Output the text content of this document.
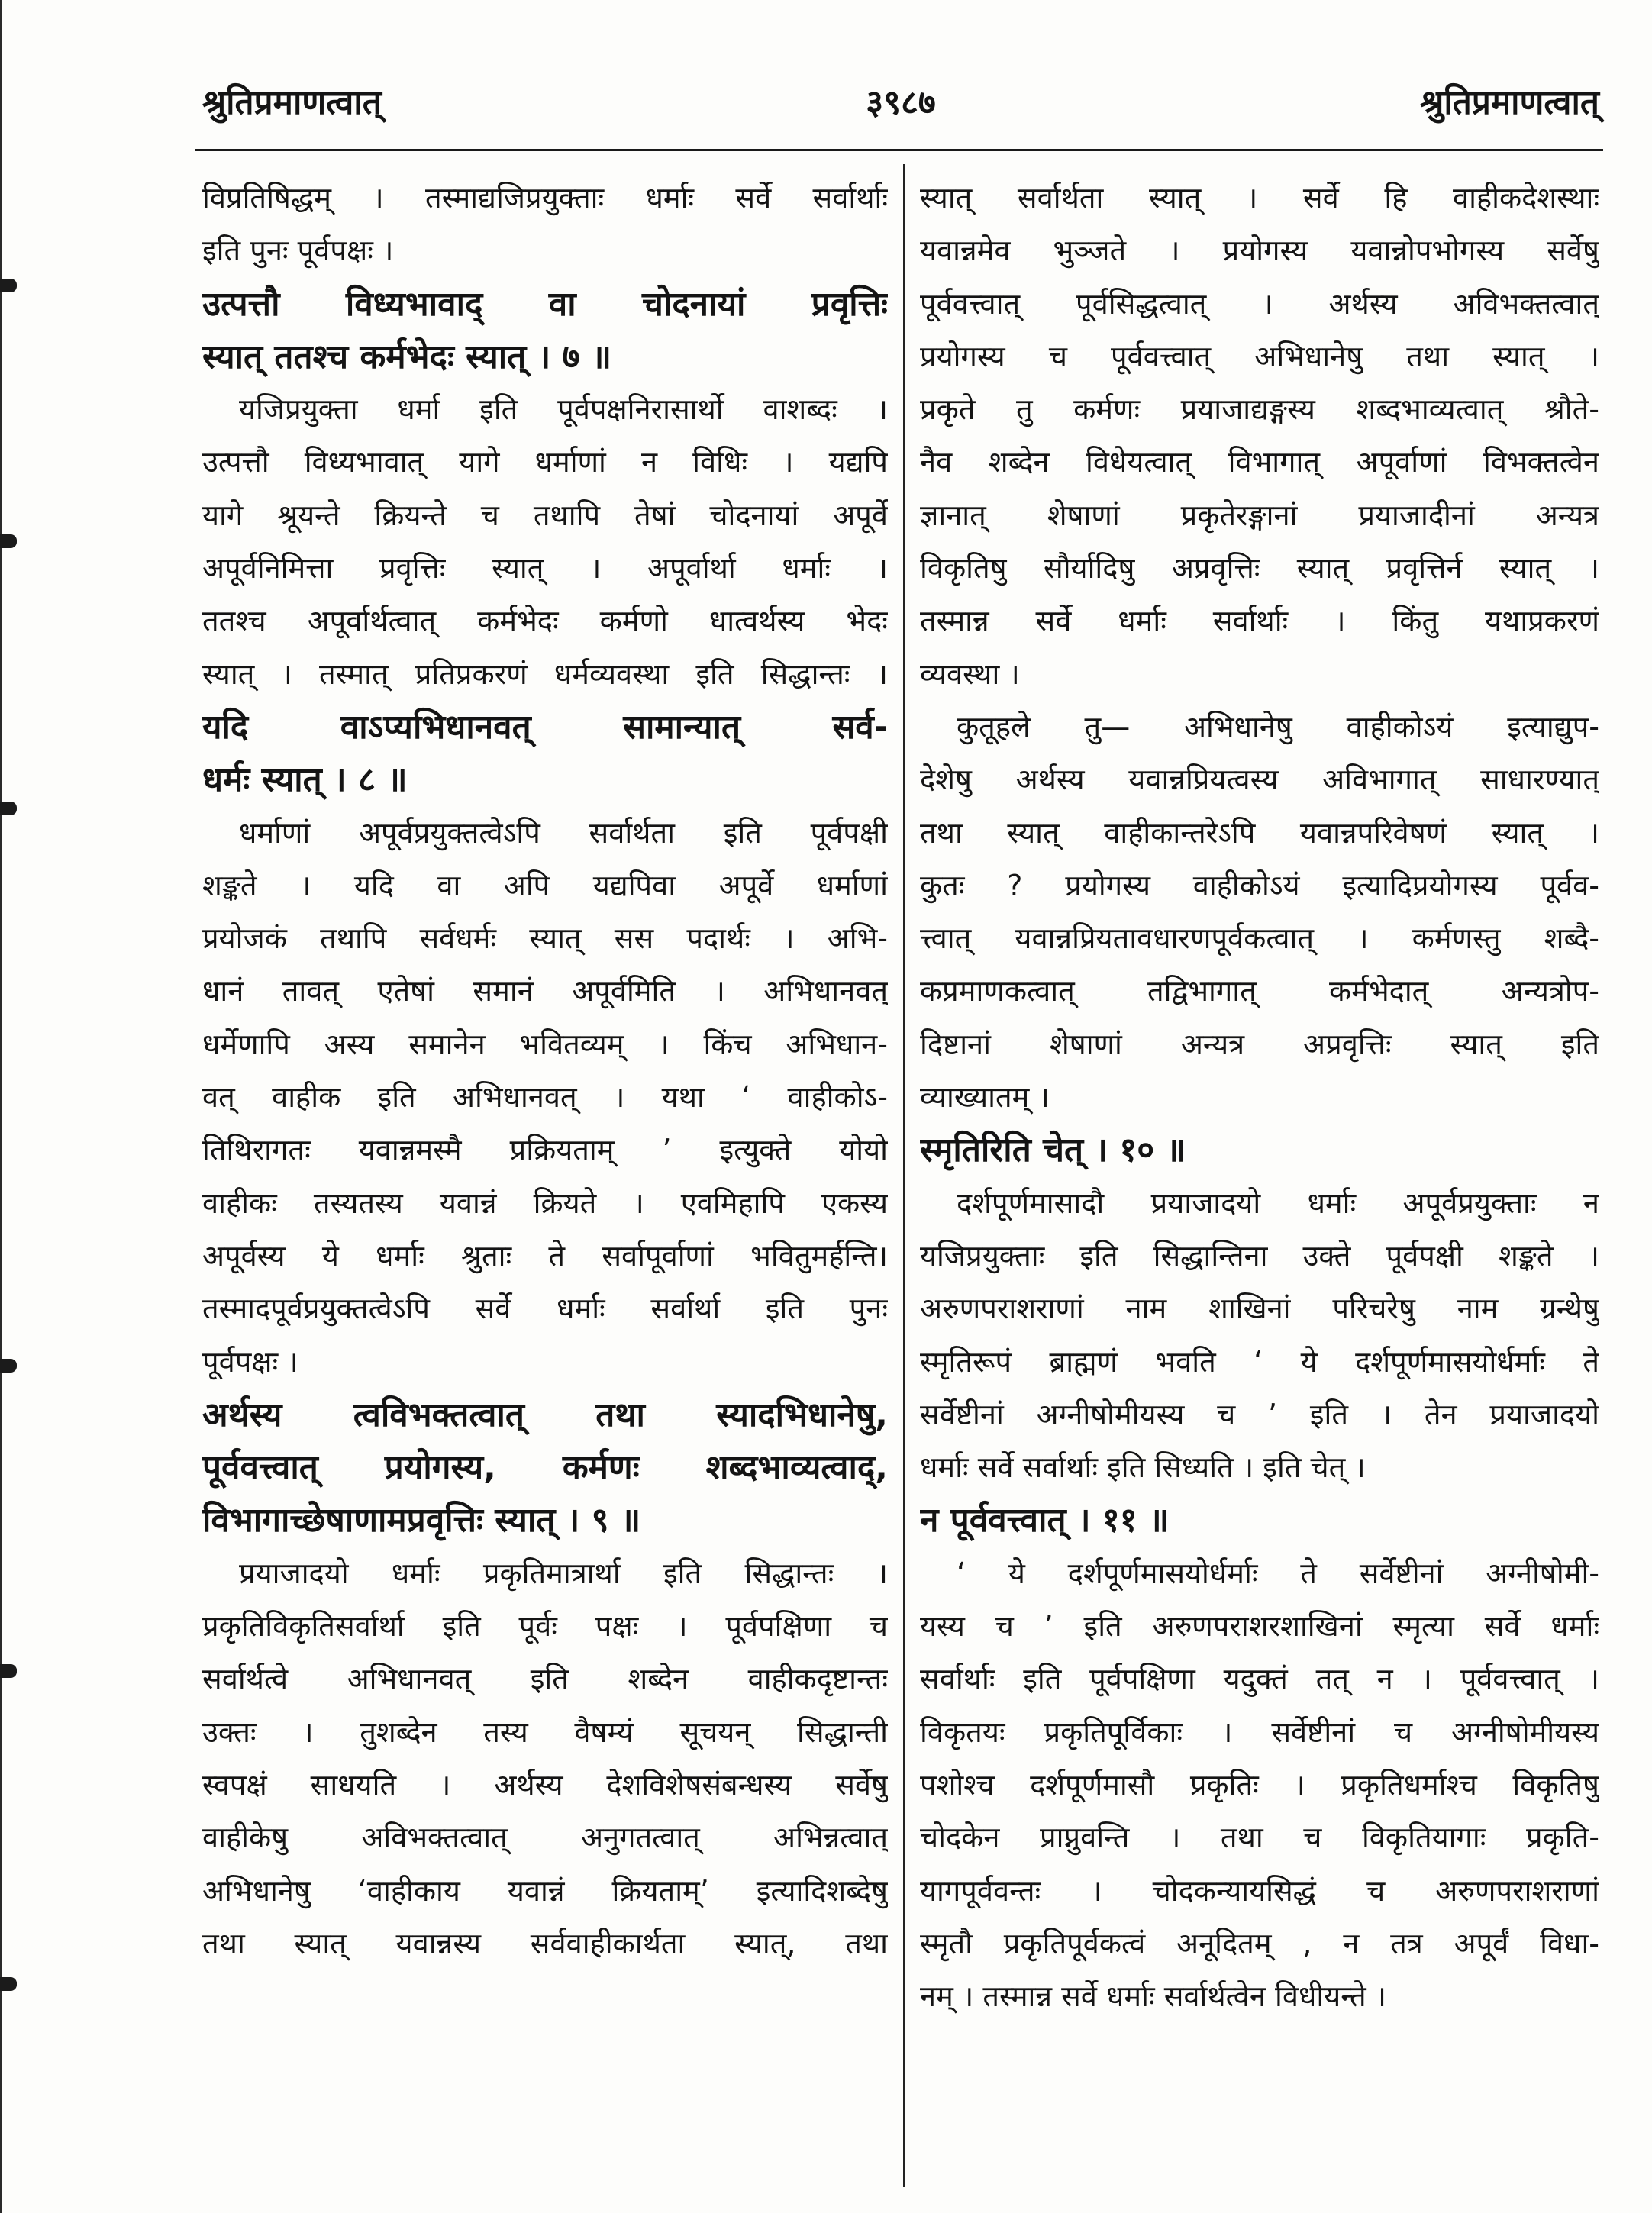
श्रुतिप्रमाणत्वात्	३९८७	श्रुतिप्रमाणत्वात्
विप्रतिषिद्धम् । तस्माद्यजिप्रयुक्ताः धर्माः सर्वे सर्वार्थाः
इति पुनः पूर्वपक्षः ।
उत्पत्तौ विध्यभावाद् वा चोदनायां प्रवृत्तिः
स्यात् ततश्च कर्मभेदः स्यात् । ७ ॥
यजिप्रयुक्ता धर्मा इति पूर्वपक्षनिरासार्थो वाशब्दः ।
उत्पत्तौ विध्यभावात् यागे धर्माणां न विधिः । यद्यपि
यागे श्रूयन्ते क्रियन्ते च तथापि तेषां चोदनायां अपूर्वे
अपूर्वनिमित्ता प्रवृत्तिः स्यात् । अपूर्वार्था धर्माः ।
ततश्च अपूर्वार्थत्वात् कर्मभेदः कर्मणो धात्वर्थस्य भेदः
स्यात् । तस्मात् प्रतिप्रकरणं धर्मव्यवस्था इति सिद्धान्तः ।
यदि वाऽप्यभिधानवत् सामान्यात् सर्व-
धर्मः स्यात् । ८ ॥
धर्माणां अपूर्वप्रयुक्तत्वेऽपि सर्वार्थता इति पूर्वपक्षी
शङ्कते । यदि वा अपि यद्यपिवा अपूर्वे धर्माणां
प्रयोजकं तथापि सर्वधर्मः स्यात् सस पदार्थः । अभि-
धानं तावत् एतेषां समानं अपूर्वमिति । अभिधानवत्
धर्मेणापि अस्य समानेन भवितव्यम् । किंच अभिधान-
वत् वाहीक इति अभिधानवत् । यथा ‘ वाहीकोऽ-
तिथिरागतः यवान्नमस्मै प्रक्रियताम् ’ इत्युक्ते योयो
वाहीकः तस्यतस्य यवान्नं क्रियते । एवमिहापि एकस्य
अपूर्वस्य ये धर्माः श्रुताः ते सर्वापूर्वाणां भवितुमर्हन्ति।
तस्मादपूर्वप्रयुक्तत्वेऽपि सर्वे धर्माः सर्वार्था इति पुनः
पूर्वपक्षः ।
अर्थस्य त्वविभक्तत्वात् तथा स्यादभिधानेषु,
पूर्ववत्त्वात् प्रयोगस्य, कर्मणः शब्दभाव्यत्वाद्,
विभागाच्छेषाणामप्रवृत्तिः स्यात् । ९ ॥
प्रयाजादयो धर्माः प्रकृतिमात्रार्था इति सिद्धान्तः ।
प्रकृतिविकृतिसर्वार्था इति पूर्वः पक्षः । पूर्वपक्षिणा च
सर्वार्थत्वे अभिधानवत् इति शब्देन वाहीकदृष्टान्तः
उक्तः । तुशब्देन तस्य वैषम्यं सूचयन् सिद्धान्ती
स्वपक्षं साधयति । अर्थस्य देशविशेषसंबन्धस्य सर्वेषु
वाहीकेषु अविभक्तत्वात् अनुगतत्वात् अभिन्नत्वात्
अभिधानेषु ‘वाहीकाय यवान्नं क्रियताम्’ इत्यादिशब्देषु
तथा स्यात् यवान्नस्य सर्ववाहीकार्थता स्यात्, तथा
स्यात् सर्वार्थता स्यात् । सर्वे हि वाहीकदेशस्थाः
यवान्नमेव भुञ्जते । प्रयोगस्य यवान्नोपभोगस्य सर्वेषु
पूर्ववत्त्वात् पूर्वसिद्धत्वात् । अर्थस्य अविभक्तत्वात्
प्रयोगस्य च पूर्ववत्त्वात् अभिधानेषु तथा स्यात् ।
प्रकृते तु कर्मणः प्रयाजाद्यङ्गस्य शब्दभाव्यत्वात् श्रौते-
नैव शब्देन विधेयत्वात् विभागात् अपूर्वाणां विभक्तत्वेन
ज्ञानात् शेषाणां प्रकृतेरङ्गानां प्रयाजादीनां अन्यत्र
विकृतिषु सौर्यादिषु अप्रवृत्तिः स्यात् प्रवृत्तिर्न स्यात् ।
तस्मान्न सर्वे धर्माः सर्वार्थाः । किंतु यथाप्रकरणं
व्यवस्था ।
कुतूहले तु— अभिधानेषु वाहीकोऽयं इत्याद्युप-
देशेषु अर्थस्य यवान्नप्रियत्वस्य अविभागात् साधारण्यात्
तथा स्यात् वाहीकान्तरेऽपि यवान्नपरिवेषणं स्यात् ।
कुतः ? प्रयोगस्य वाहीकोऽयं इत्यादिप्रयोगस्य पूर्वव-
त्त्वात् यवान्नप्रियतावधारणपूर्वकत्वात् । कर्मणस्तु शब्दै-
कप्रमाणकत्वात् तद्विभागात् कर्मभेदात् अन्यत्रोप-
दिष्टानां शेषाणां अन्यत्र अप्रवृत्तिः स्यात् इति
व्याख्यातम् ।
स्मृतिरिति चेत् । १० ॥
दर्शपूर्णमासादौ प्रयाजादयो धर्माः अपूर्वप्रयुक्ताः न
यजिप्रयुक्ताः इति सिद्धान्तिना उक्ते पूर्वपक्षी शङ्कते ।
अरुणपराशराणां नाम शाखिनां परिचरेषु नाम ग्रन्थेषु
स्मृतिरूपं ब्राह्मणं भवति ‘ ये दर्शपूर्णमासयोर्धर्माः ते
सर्वेष्टीनां अग्नीषोमीयस्य च ’ इति । तेन प्रयाजादयो
धर्माः सर्वे सर्वार्थाः इति सिध्यति । इति चेत् ।
न पूर्ववत्त्वात् । ११ ॥
‘ ये दर्शपूर्णमासयोर्धर्माः ते सर्वेष्टीनां अग्नीषोमी-
यस्य च ’ इति अरुणपराशरशाखिनां स्मृत्या सर्वे धर्माः
सर्वार्थाः इति पूर्वपक्षिणा यदुक्तं तत् न । पूर्ववत्त्वात् ।
विकृतयः प्रकृतिपूर्विकाः । सर्वेष्टीनां च अग्नीषोमीयस्य
पशोश्च दर्शपूर्णमासौ प्रकृतिः । प्रकृतिधर्माश्च विकृतिषु
चोदकेन प्राप्नुवन्ति । तथा च विकृतियागाः प्रकृति-
यागपूर्ववन्तः । चोदकन्यायसिद्धं च अरुणपराशराणां
स्मृतौ प्रकृतिपूर्वकत्वं अनूदितम् , न तत्र अपूर्वं विधा-
नम् । तस्मान्न सर्वे धर्माः सर्वार्थत्वेन विधीयन्ते ।
